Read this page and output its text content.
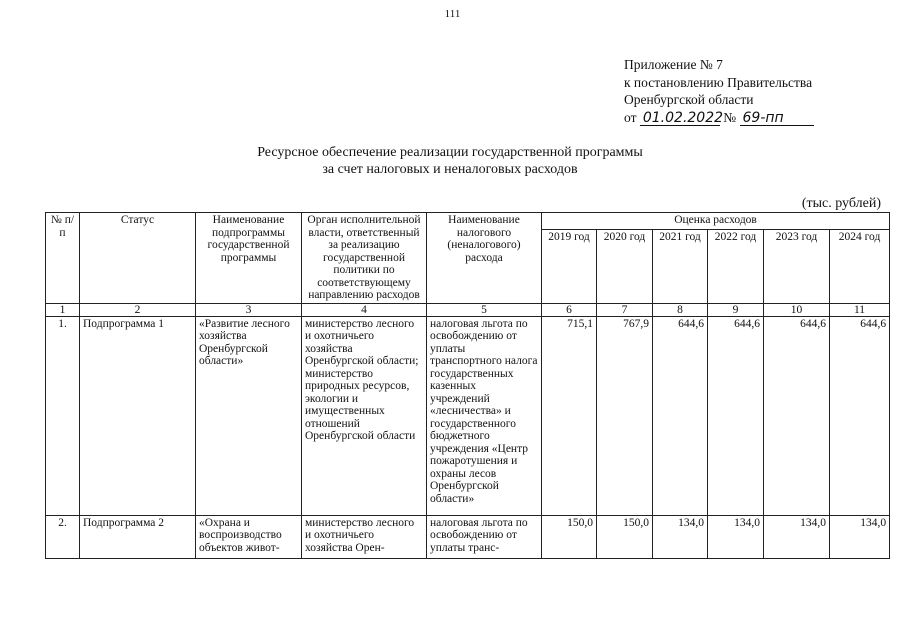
111
Приложение № 7
к постановлению Правительства
Оренбургской области
от 01.02.2022 № 69-пп
Ресурсное обеспечение реализации государственной программы
за счет налоговых и неналоговых расходов
(тыс. рублей)
№ п/п	Статус	Наименование подпрограммы государственной программы	Орган исполнительной власти, ответственный за реализацию государственной политики по соответствующему направлению расходов	Наименование налогового (неналогового) расхода	Оценка расходов					
					2019 год	2020 год	2021 год	2022 год	2023 год	2024 год
1	2	3	4	5	6	7	8	9	10	11
1.	Подпрограмма 1	«Развитие лесного хозяйства Оренбургской области»	министерство лесного и охотничьего хозяйства Оренбургской области; министерство природных ресурсов, экологии и имущественных отношений Оренбургской области	налоговая льгота по освобождению от уплаты транспортного налога государственных казенных учреждений «лесничества» и государственного бюджетного учреждения «Центр пожаротушения и охраны лесов Оренбургской области»	715,1	767,9	644,6	644,6	644,6	644,6
2.	Подпрограмма 2	«Охрана и воспроизводство объектов живот-	министерство лесного и охотничьего хозяйства Орен-	налоговая льгота по освобождению от уплаты транс-	150,0	150,0	134,0	134,0	134,0	134,0
